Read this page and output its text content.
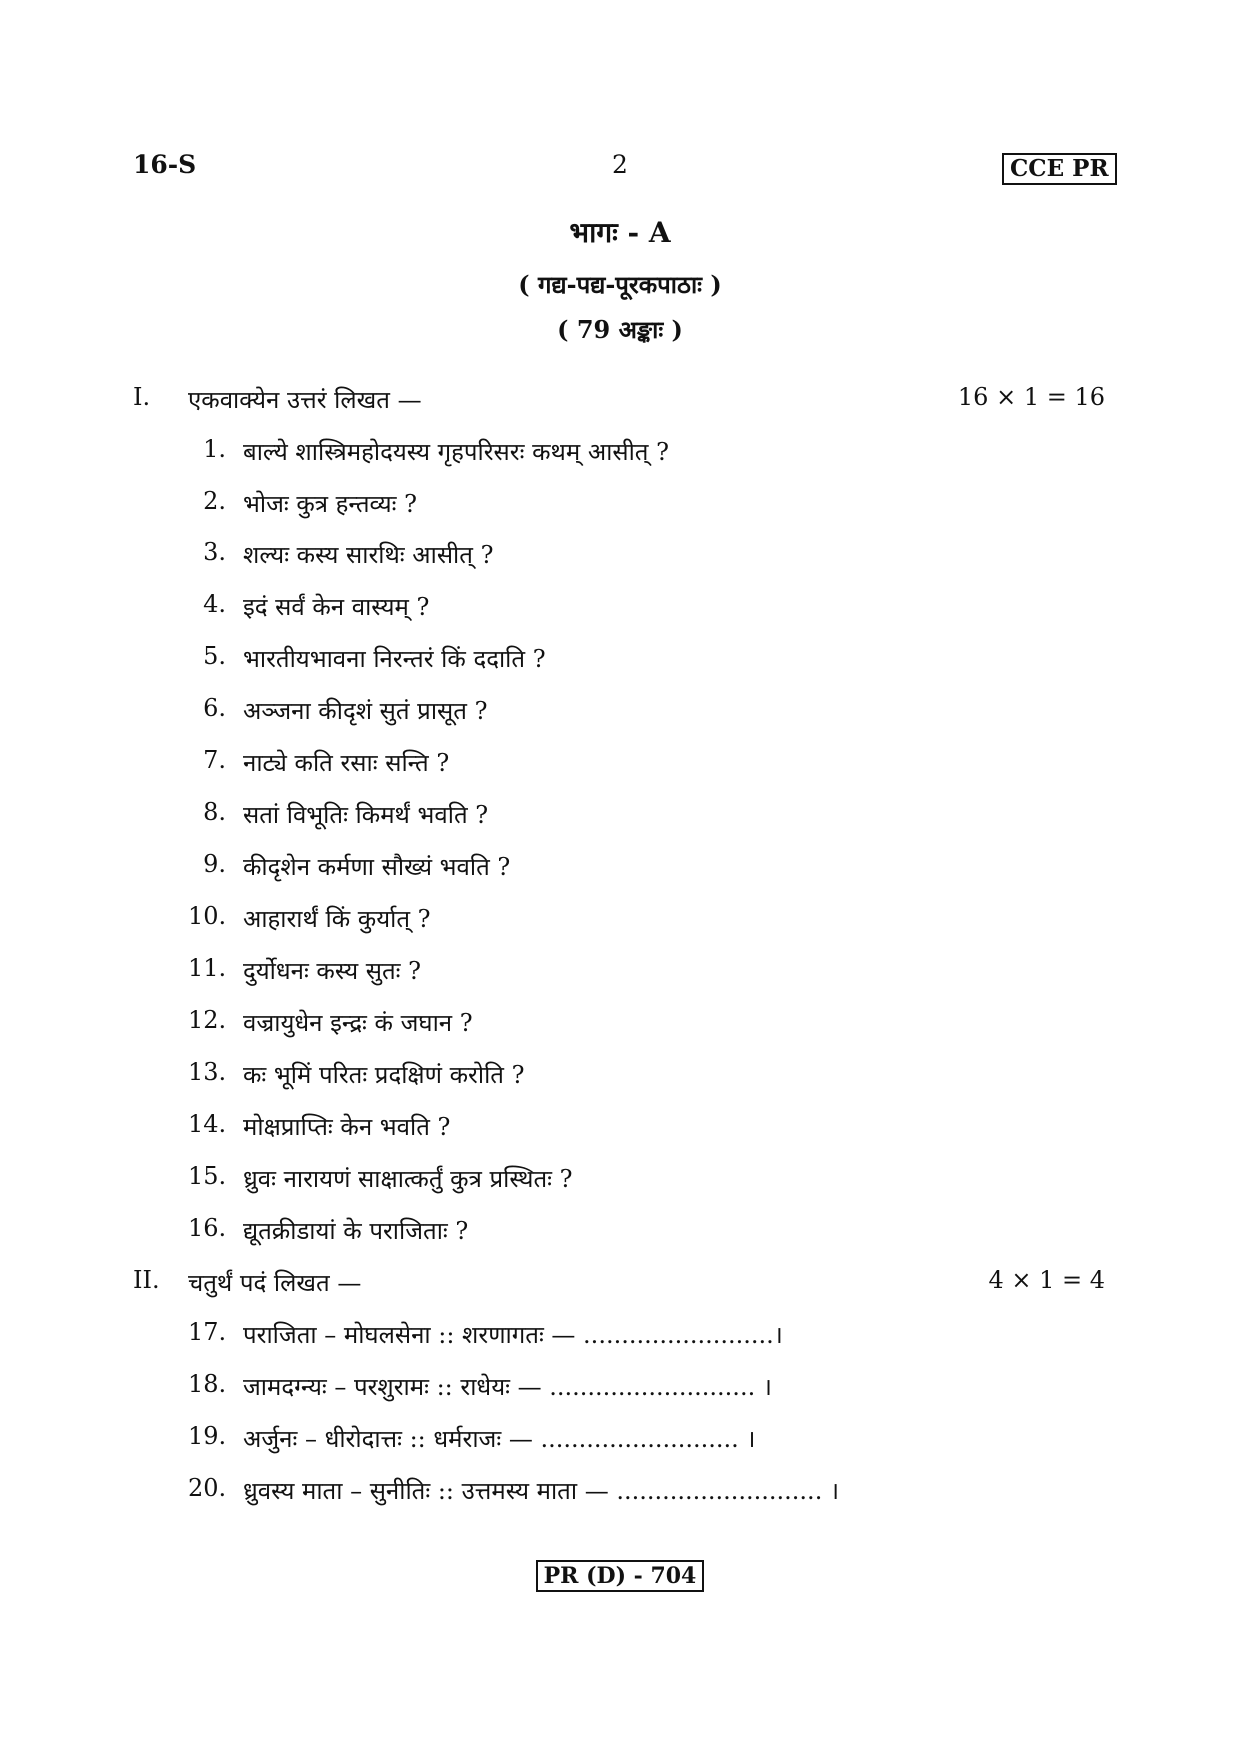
16-S	2	CCE PR
भागः - A
( गद्य-पद्य-पूरकपाठाः )
( 79 अङ्काः )
I. एकवाक्येन उत्तरं लिखत —	16 × 1 = 16
1. बाल्ये शास्त्रिमहोदयस्य गृहपरिसरः कथम् आसीत् ?
2. भोजः कुत्र हन्तव्यः ?
3. शल्यः कस्य सारथिः आसीत् ?
4. इदं सर्वं केन वास्यम् ?
5. भारतीयभावना निरन्तरं किं ददाति ?
6. अञ्जना कीदृशं सुतं प्रासूत ?
7. नाट्ये कति रसाः सन्ति ?
8. सतां विभूतिः किमर्थं भवति ?
9. कीदृशेन कर्मणा सौख्यं भवति ?
10. आहारार्थं किं कुर्यात् ?
11. दुर्योधनः कस्य सुतः ?
12. वज्रायुधेन इन्द्रः कं जघान ?
13. कः भूमिं परितः प्रदक्षिणं करोति ?
14. मोक्षप्राप्तिः केन भवति ?
15. ध्रुवः नारायणं साक्षात्कर्तुं कुत्र प्रस्थितः ?
16. द्यूतक्रीडायां के पराजिताः ?
II. चतुर्थं पदं लिखत —	4 × 1 = 4
17. पराजिता – मोघलसेना :: शरणागतः — .........................।
18. जामदग्न्यः – परशुरामः :: राधेयः — ........................... ।
19. अर्जुनः – धीरोदात्तः :: धर्मराजः — .......................... ।
20. ध्रुवस्य माता – सुनीतिः :: उत्तमस्य माता — ........................... ।
PR (D) - 704
